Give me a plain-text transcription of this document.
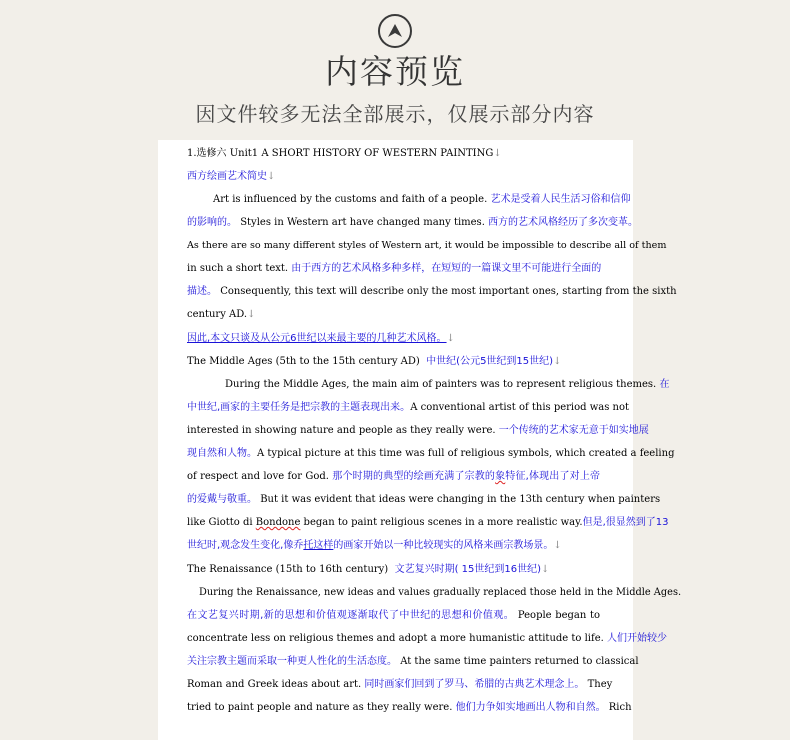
内容预览
因文件较多无法全部展示，仅展示部分内容
1.选修六 Unit1 A SHORT HISTORY OF WESTERN PAINTING↓
西方绘画艺术简史↓
Art is influenced by the customs and faith of a people. 艺术是受着人民生活习俗和信仰
的影响的。 Styles in Western art have changed many times. 西方的艺术风格经历了多次变革。
As there are so many different styles of Western art, it would be impossible to describe all of them
in such a short text. 由于西方的艺术风格多种多样，在短短的一篇课文里不可能进行全面的
描述。 Consequently, this text will describe only the most important ones, starting from the sixth
century AD.↓
因此,本文只谈及从公元6世纪以来最主要的几种艺术风格。↓
The Middle Ages (5th to the 15th century AD) 中世纪(公元5世纪到15世纪)↓
During the Middle Ages, the main aim of painters was to represent religious themes. 在
中世纪,画家的主要任务是把宗教的主题表现出来。A conventional artist of this period was not
interested in showing nature and people as they really were. 一个传统的艺术家无意于如实地展
现自然和人物。A typical picture at this time was full of religious symbols, which created a feeling
of respect and love for God. 那个时期的典型的绘画充满了宗教的象特征,体现出了对上帝
的爱戴与敬重。 But it was evident that ideas were changing in the 13th century when painters
like Giotto di Bondone began to paint religious scenes in a more realistic way.但是,很显然到了13
世纪时,观念发生变化,像乔托这样的画家开始以一种比较现实的风格来画宗教场景。↓
The Renaissance (15th to 16th century) 文艺复兴时期( 15世纪到16世纪)↓
During the Renaissance, new ideas and values gradually replaced those held in the Middle Ages.
在文艺复兴时期,新的思想和价值观逐渐取代了中世纪的思想和价值观。 People began to
concentrate less on religious themes and adopt a more humanistic attitude to life. 人们开始较少
关注宗教主题而采取一种更人性化的生活态度。 At the same time painters returned to classical
Roman and Greek ideas about art. 同时画家们回到了罗马、希腊的古典艺术理念上。 They
tried to paint people and nature as they really were. 他们力争如实地画出人物和自然。 Rich
